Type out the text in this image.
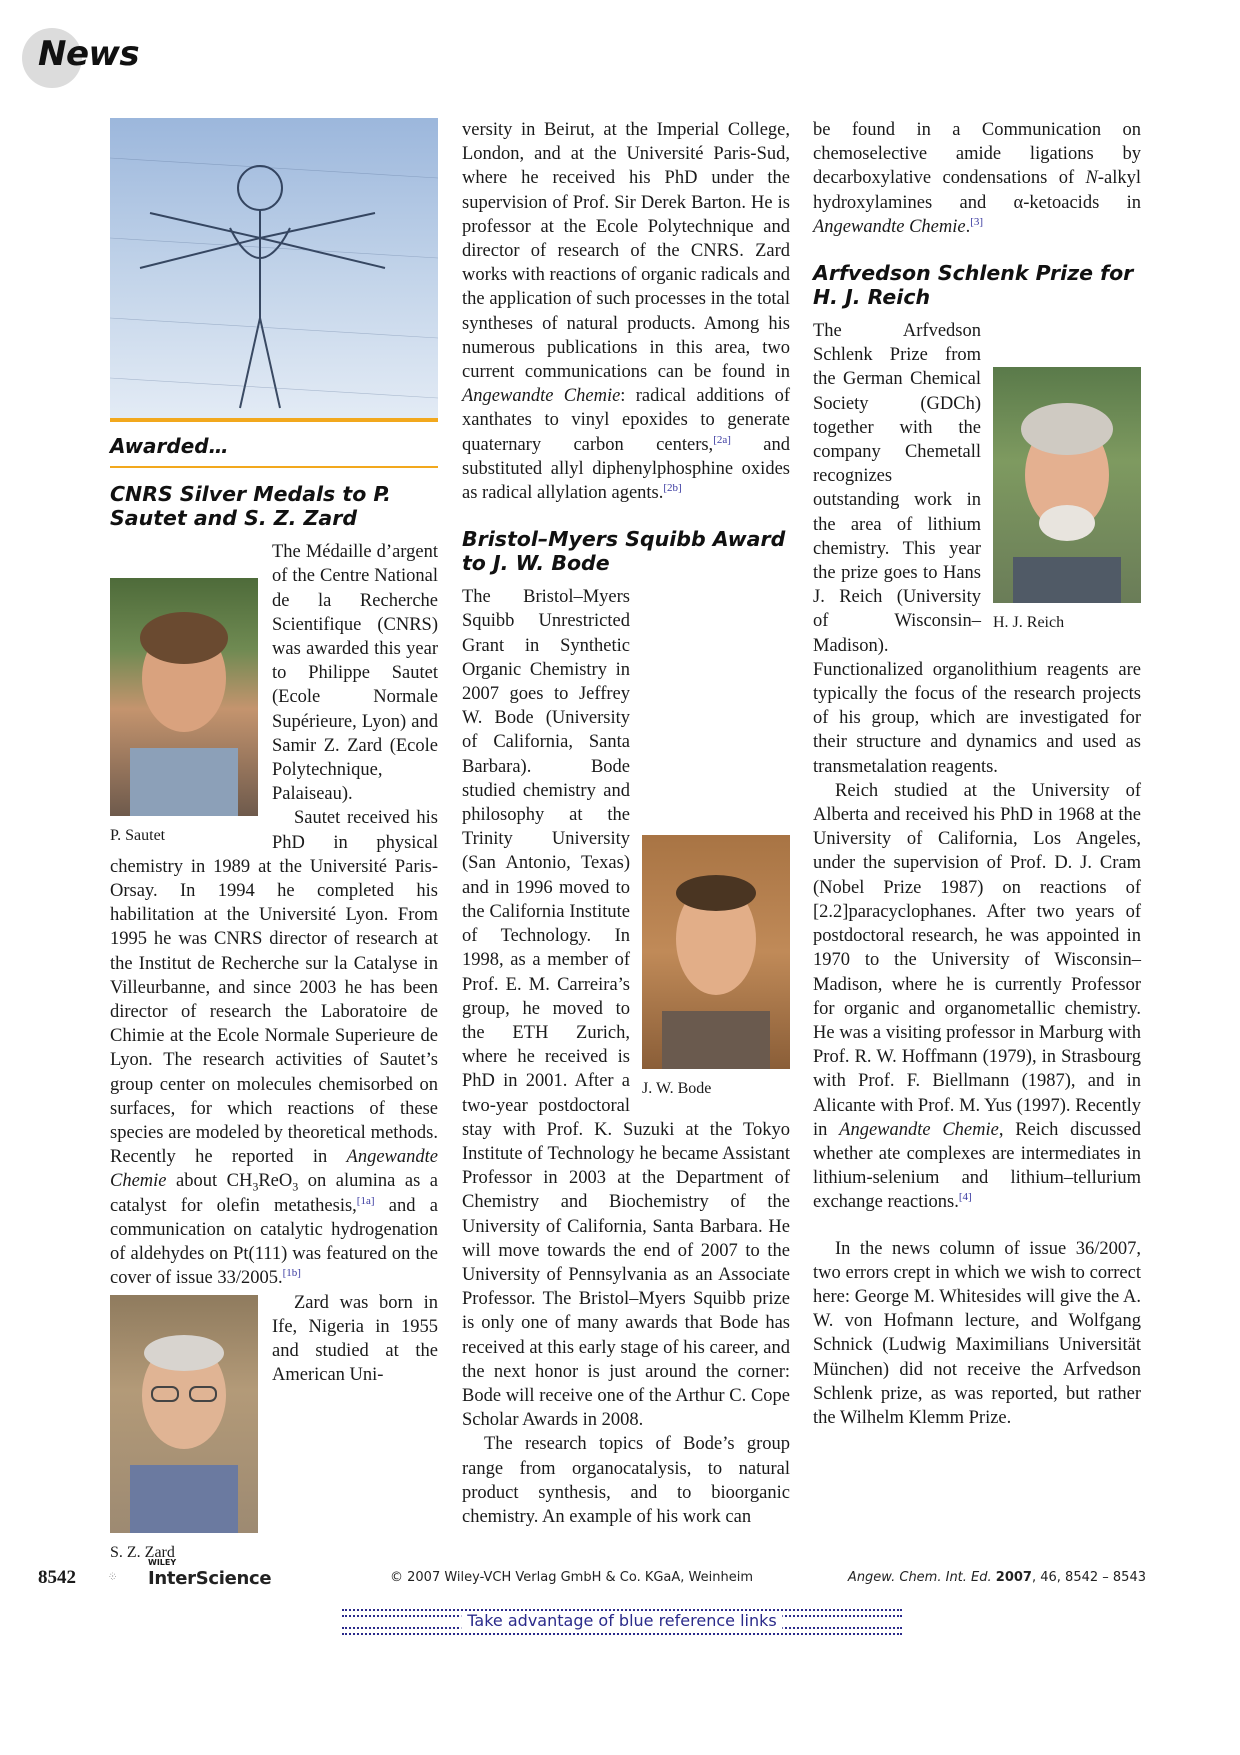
News
Awarded…
CNRS Silver Medals to P. Sautet and S. Z. Zard
P. Sautet

The Médaille d’argent of the Centre National de la Recherche Scientifique (CNRS) was awarded this year to Philippe Sautet (Ecole Normale Supérieure, Lyon) and Samir Z. Zard (Ecole Polytechnique, Palaiseau).

Sautet received his PhD in physical chemistry in 1989 at the Université Paris-Orsay. In 1994 he completed his habilitation at the Université Lyon. From 1995 he was CNRS director of research at the Institut de Recherche sur la Catalyse in Villeurbanne, and since 2003 he has been director of research the Laboratoire de Chimie at the Ecole Normale Superieure de Lyon. The research activities of Sautet’s group center on molecules chemisorbed on surfaces, for which reactions of these species are modeled by theoretical methods. Recently he reported in Angewandte Chemie about $CH_3ReO_3$ on alumina as a catalyst for olefin metathesis,[1a] and a communication on catalytic hydrogenation of aldehydes on Pt(111) was featured on the cover of issue 33/2005.[1b]

S. Z. Zard

Zard was born in Ife, Nigeria in 1955 and studied at the American Uni-

versity in Beirut, at the Imperial College, London, and at the Université Paris-Sud, where he received his PhD under the supervision of Prof. Sir Derek Barton. He is professor at the Ecole Polytechnique and director of research of the CNRS. Zard works with reactions of organic radicals and the application of such processes in the total syntheses of natural products. Among his numerous publications in this area, two current communications can be found in Angewandte Chemie: radical additions of xanthates to vinyl epoxides to generate quaternary carbon centers,[2a] and substituted allyl diphenylphosphine oxides as radical allylation agents.[2b]

Bristol–Myers Squibb Award to J. W. Bode

J. W. Bode
The Bristol–Myers Squibb Unrestricted Grant in Synthetic Organic Chemistry in 2007 goes to Jeffrey W. Bode (University of California, Santa Barbara). Bode studied chemistry and philosophy at the Trinity University (San Antonio, Texas) and in 1996 moved to the California Institute of Technology. In 1998, as a member of Prof. E. M. Carreira’s group, he moved to the ETH Zurich, where he received is PhD in 2001. After a two-year postdoctoral stay with Prof. K. Suzuki at the Tokyo Institute of Technology he became Assistant Professor in 2003 at the Department of Chemistry and Biochemistry of the University of California, Santa Barbara. He will move towards the end of 2007 to the University of Pennsylvania as an Associate Professor. The Bristol–Myers Squibb prize is only one of many awards that Bode has received at this early stage of his career, and the next honor is just around the corner: Bode will receive one of the Arthur C. Cope Scholar Awards in 2008.

The research topics of Bode’s group range from organocatalysis, to natural product synthesis, and to bioorganic chemistry. An example of his work can

be found in a Communication on chemoselective amide ligations by decarboxylative condensations of N-alkyl hydroxylamines and α-ketoacids in Angewandte Chemie.[3]

Arfvedson Schlenk Prize for H. J. Reich

H. J. Reich
The Arfvedson Schlenk Prize from the German Chemical Society (GDCh) together with the company Chemetall recognizes outstanding work in the area of lithium chemistry. This year the prize goes to Hans J. Reich (University of Wisconsin–Madison). Functionalized organolithium reagents are typically the focus of the research projects of his group, which are investigated for their structure and dynamics and used as transmetalation reagents.

Reich studied at the University of Alberta and received his PhD in 1968 at the University of California, Los Angeles, under the supervision of Prof. D. J. Cram (Nobel Prize 1987) on reactions of [2.2]paracyclophanes. After two years of postdoctoral research, he was appointed in 1970 to the University of Wisconsin–Madison, where he is currently Professor for organic and organometallic chemistry. He was a visiting professor in Marburg with Prof. R. W. Hoffmann (1979), in Strasbourg with Prof. F. Biellmann (1987), and in Alicante with Prof. M. Yus (1997). Recently in Angewandte Chemie, Reich discussed whether ate complexes are intermediates in lithium-selenium and lithium–tellurium exchange reactions.[4]

In the news column of issue 36/2007, two errors crept in which we wish to correct here: George M. Whitesides will give the A. W. von Hofmann lecture, and Wolfgang Schnick (Ludwig Maximilians Universität München) did not receive the Arfvedson Schlenk prize, as was reported, but rather the Wilhelm Klemm Prize.

8542
WILEY
InterScience	© 2007 Wiley-VCH Verlag GmbH & Co. KGaA, Weinheim	Angew. Chem. Int. Ed. 2007, 46, 8542 – 8543
Take advantage of blue reference links
